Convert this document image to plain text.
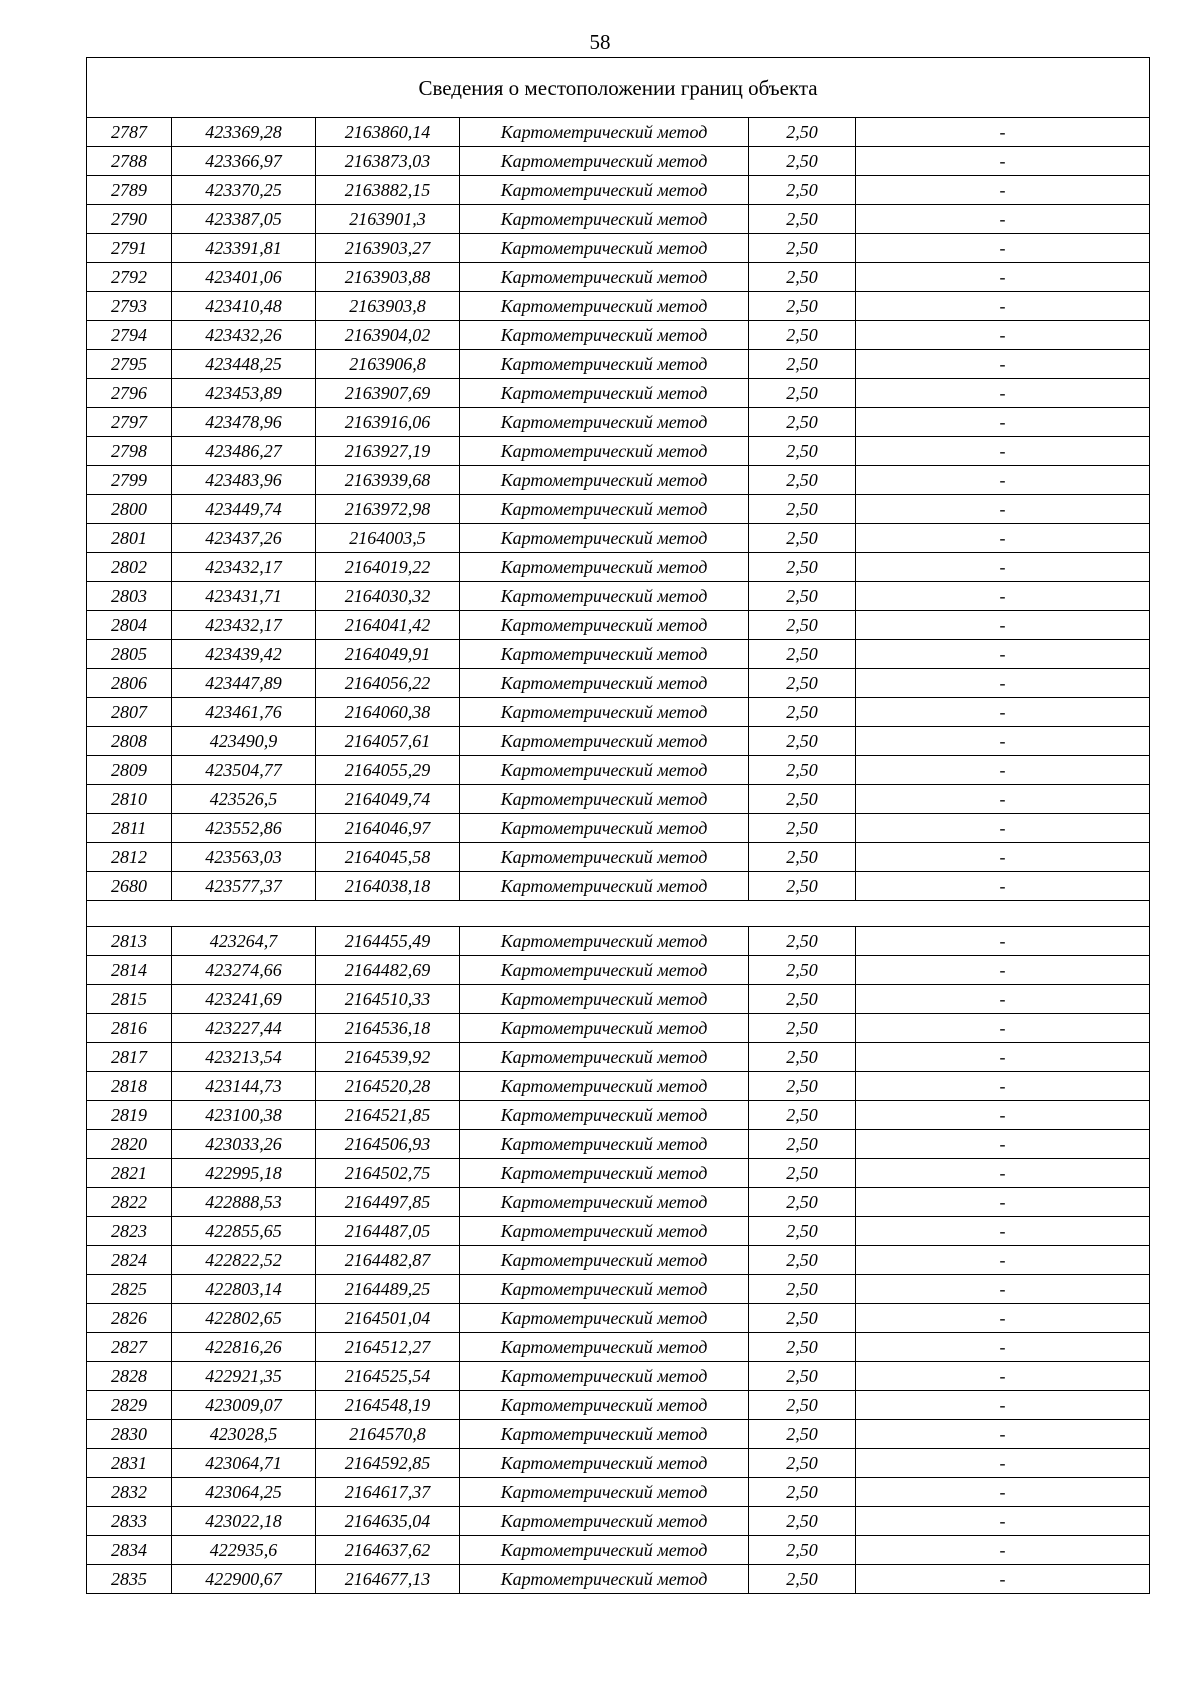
58
Сведения о местоположении границ объекта					
2787	423369,28	2163860,14	Картометрический метод	2,50	-
2788	423366,97	2163873,03	Картометрический метод	2,50	-
2789	423370,25	2163882,15	Картометрический метод	2,50	-
2790	423387,05	2163901,3	Картометрический метод	2,50	-
2791	423391,81	2163903,27	Картометрический метод	2,50	-
2792	423401,06	2163903,88	Картометрический метод	2,50	-
2793	423410,48	2163903,8	Картометрический метод	2,50	-
2794	423432,26	2163904,02	Картометрический метод	2,50	-
2795	423448,25	2163906,8	Картометрический метод	2,50	-
2796	423453,89	2163907,69	Картометрический метод	2,50	-
2797	423478,96	2163916,06	Картометрический метод	2,50	-
2798	423486,27	2163927,19	Картометрический метод	2,50	-
2799	423483,96	2163939,68	Картометрический метод	2,50	-
2800	423449,74	2163972,98	Картометрический метод	2,50	-
2801	423437,26	2164003,5	Картометрический метод	2,50	-
2802	423432,17	2164019,22	Картометрический метод	2,50	-
2803	423431,71	2164030,32	Картометрический метод	2,50	-
2804	423432,17	2164041,42	Картометрический метод	2,50	-
2805	423439,42	2164049,91	Картометрический метод	2,50	-
2806	423447,89	2164056,22	Картометрический метод	2,50	-
2807	423461,76	2164060,38	Картометрический метод	2,50	-
2808	423490,9	2164057,61	Картометрический метод	2,50	-
2809	423504,77	2164055,29	Картометрический метод	2,50	-
2810	423526,5	2164049,74	Картометрический метод	2,50	-
2811	423552,86	2164046,97	Картометрический метод	2,50	-
2812	423563,03	2164045,58	Картометрический метод	2,50	-
2680	423577,37	2164038,18	Картометрический метод	2,50	-

2813	423264,7	2164455,49	Картометрический метод	2,50	-
2814	423274,66	2164482,69	Картометрический метод	2,50	-
2815	423241,69	2164510,33	Картометрический метод	2,50	-
2816	423227,44	2164536,18	Картометрический метод	2,50	-
2817	423213,54	2164539,92	Картометрический метод	2,50	-
2818	423144,73	2164520,28	Картометрический метод	2,50	-
2819	423100,38	2164521,85	Картометрический метод	2,50	-
2820	423033,26	2164506,93	Картометрический метод	2,50	-
2821	422995,18	2164502,75	Картометрический метод	2,50	-
2822	422888,53	2164497,85	Картометрический метод	2,50	-
2823	422855,65	2164487,05	Картометрический метод	2,50	-
2824	422822,52	2164482,87	Картометрический метод	2,50	-
2825	422803,14	2164489,25	Картометрический метод	2,50	-
2826	422802,65	2164501,04	Картометрический метод	2,50	-
2827	422816,26	2164512,27	Картометрический метод	2,50	-
2828	422921,35	2164525,54	Картометрический метод	2,50	-
2829	423009,07	2164548,19	Картометрический метод	2,50	-
2830	423028,5	2164570,8	Картометрический метод	2,50	-
2831	423064,71	2164592,85	Картометрический метод	2,50	-
2832	423064,25	2164617,37	Картометрический метод	2,50	-
2833	423022,18	2164635,04	Картометрический метод	2,50	-
2834	422935,6	2164637,62	Картометрический метод	2,50	-
2835	422900,67	2164677,13	Картометрический метод	2,50	-
